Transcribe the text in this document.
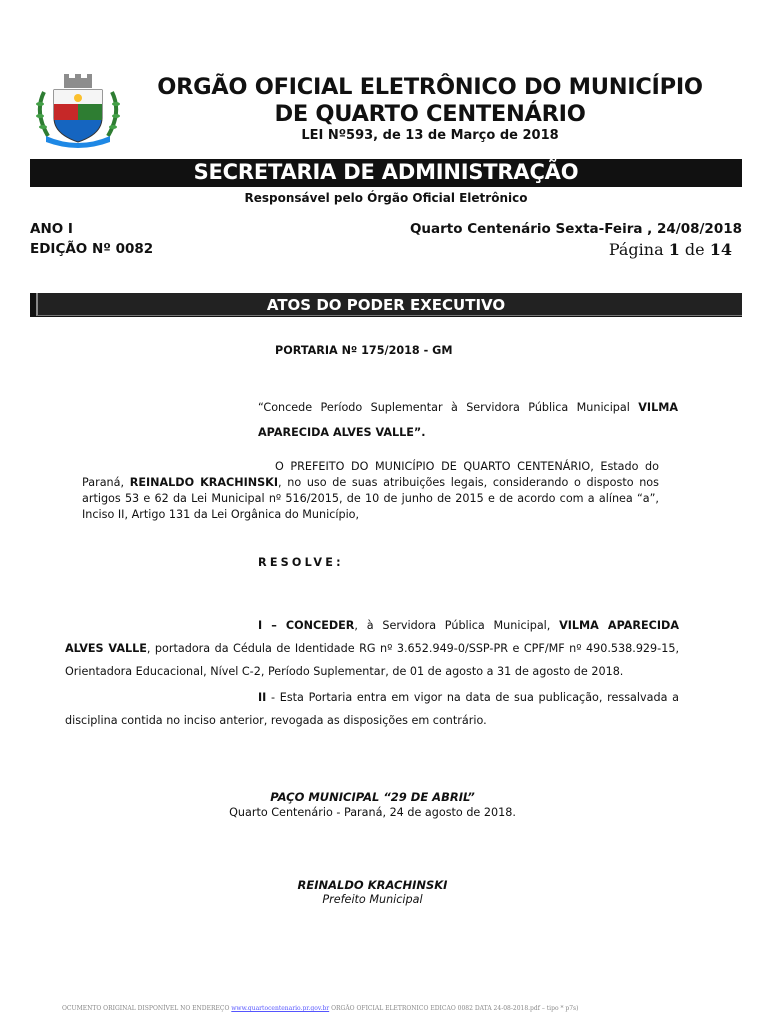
ORGÃO OFICIAL ELETRÔNICO DO MUNICÍPIO
DE QUARTO CENTENÁRIO
LEI Nº593, de 13 de Março de 2018
SECRETARIA DE ADMINISTRAÇÃO
Responsável pelo Órgão Oficial Eletrônico
ANO I
EDIÇÃO Nº 0082
Quarto Centenário Sexta-Feira , 24/08/2018
Página 1 de 14
ATOS DO PODER EXECUTIVO
PORTARIA Nº 175/2018 - GM
“Concede Período Suplementar à Servidora Pública Municipal VILMA APARECIDA ALVES VALLE”.
O PREFEITO DO MUNICÍPIO DE QUARTO CENTENÁRIO, Estado do Paraná, REINALDO KRACHINSKI, no uso de suas atribuições legais, considerando o disposto nos artigos 53 e 62 da Lei Municipal nº 516/2015, de 10 de junho de 2015 e de acordo com a alínea “a”, Inciso II, Artigo 131 da Lei Orgânica do Município,
RESOLVE:
I – CONCEDER, à Servidora Pública Municipal, VILMA APARECIDA ALVES VALLE, portadora da Cédula de Identidade RG nº 3.652.949-0/SSP-PR e CPF/MF nº 490.538.929-15, Orientadora Educacional, Nível C-2, Período Suplementar, de 01 de agosto a 31 de agosto de 2018.
II - Esta Portaria entra em vigor na data de sua publicação, ressalvada a disciplina contida no inciso anterior, revogada as disposições em contrário.
PAÇO MUNICIPAL “29 DE ABRIL”
Quarto Centenário - Paraná, 24 de agosto de 2018.
REINALDO KRACHINSKI
Prefeito Municipal
OCUMENTO ORIGINAL DISPONÍVEL NO ENDEREÇO www.quartocentenario.pr.gov.br ORGÃO OFICIAL ELETRONICO EDICAO 0082 DATA 24-08-2018.pdf – tipo * p7s)
